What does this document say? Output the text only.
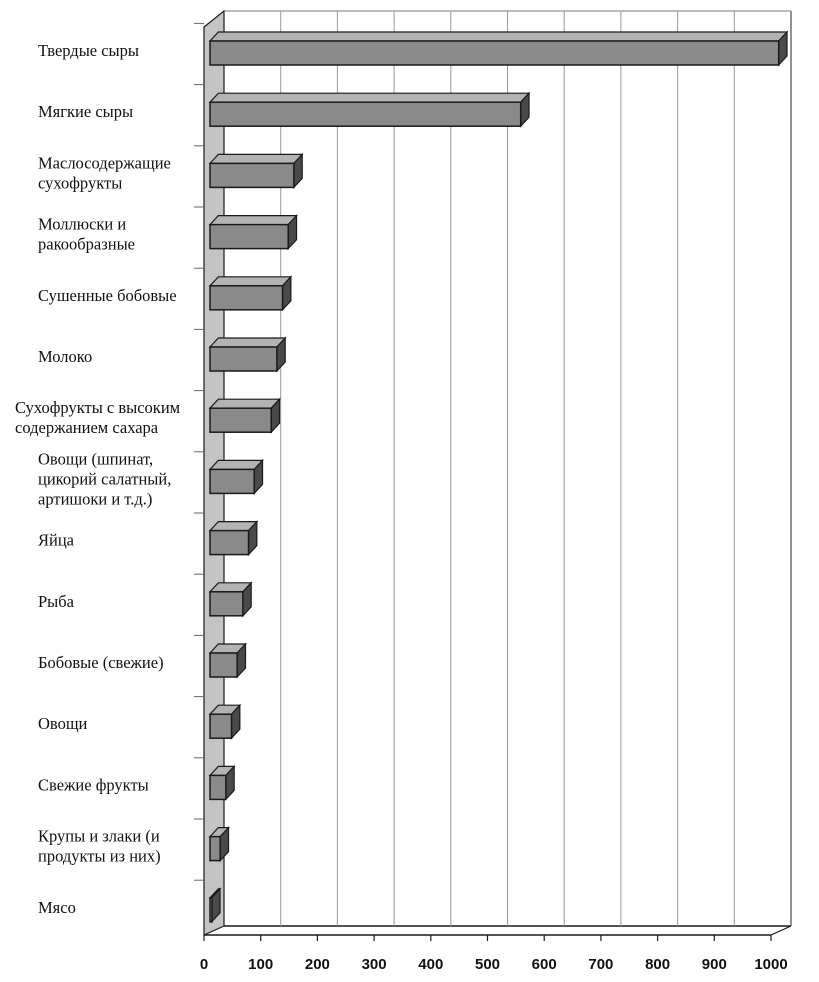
0	100 200 300 400 500 600 700 800 900 1000
Твердые сыры
Мягкие сыры
Маслосодержащие сухофрукты
Моллюски и ракообразные
Сушенные бобовые
Молоко
Сухофрукты с высоким содержанием сахара
Овощи (шпинат, цикорий салатный, артишоки и т.д.)
Яйца
Рыба
Бобовые (свежие)
Овощи
Свежие фрукты
Крупы и злаки (и продукты из них)
Мясо
